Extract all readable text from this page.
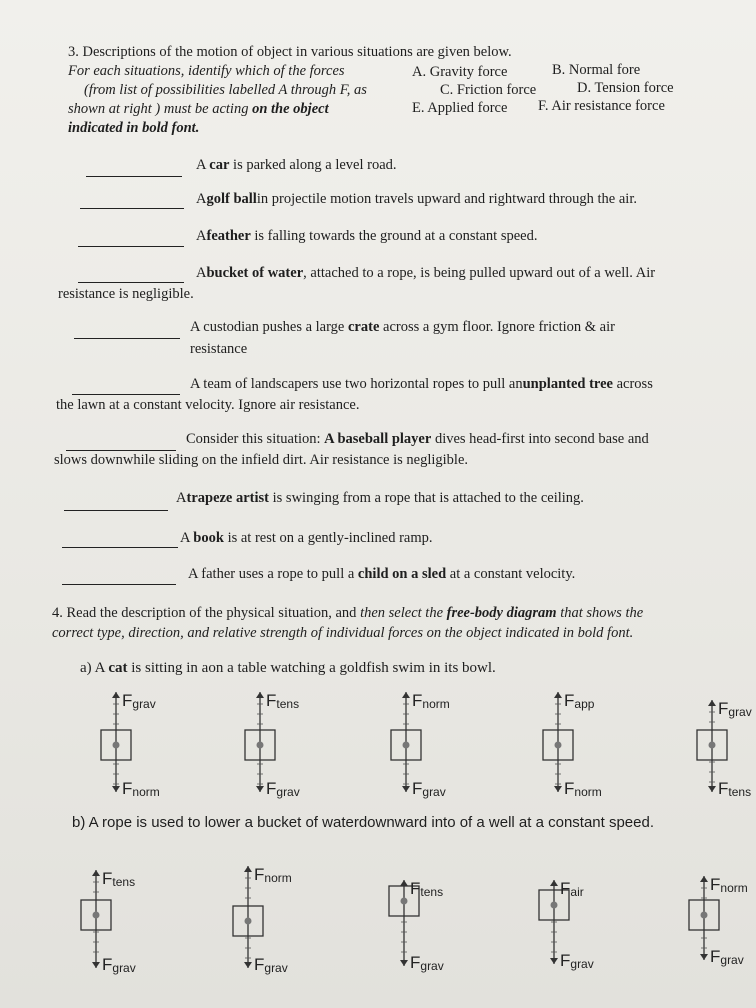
3. Descriptions of the motion of object in various situations are given below.
For each situations, identify which of the forces
(from list of possibilities labelled A through F, as
shown at right ) must be acting on the object
indicated in bold font.
A. Gravity force	B. Normal fore
C. Friction force	D. Tension force
E. Applied force F. Air resistance force
A car is parked along a level road.
Agolf ballin projectile motion travels upward and rightward through the air.
Afeather is falling towards the ground at a constant speed.
Abucket of water, attached to a rope, is being pulled upward out of a well. Air
resistance is negligible.
A custodian pushes a large crate across a gym floor. Ignore friction & air
resistance
A team of landscapers use two horizontal ropes to pull anunplanted tree across
the lawn at a constant velocity. Ignore air resistance.
Consider this situation: A baseball player dives head-first into second base and
slows downwhile sliding on the infield dirt. Air resistance is negligible.
Atrapeze artist is swinging from a rope that is attached to the ceiling.
A book is at rest on a gently-inclined ramp.
A father uses a rope to pull a child on a sled at a constant velocity.
4. Read the description of the physical situation, and then select the free-body diagram that shows the
correct type, direction, and relative strength of individual forces on the object indicated in bold font.
a) A cat is sitting in aon a table watching a goldfish swim in its bowl.
b) A rope is used to lower a bucket of waterdownward into of a well at a constant speed.
Fgrav
Fnorm
Ftens
Fgrav
Fnorm
Fgrav
Fapp
Fnorm
Fgrav
Ftens
Ftens
Fgrav
Fnorm
Fgrav
Ftens
Fgrav
Fair
Fgrav
Fnorm
Fgrav
